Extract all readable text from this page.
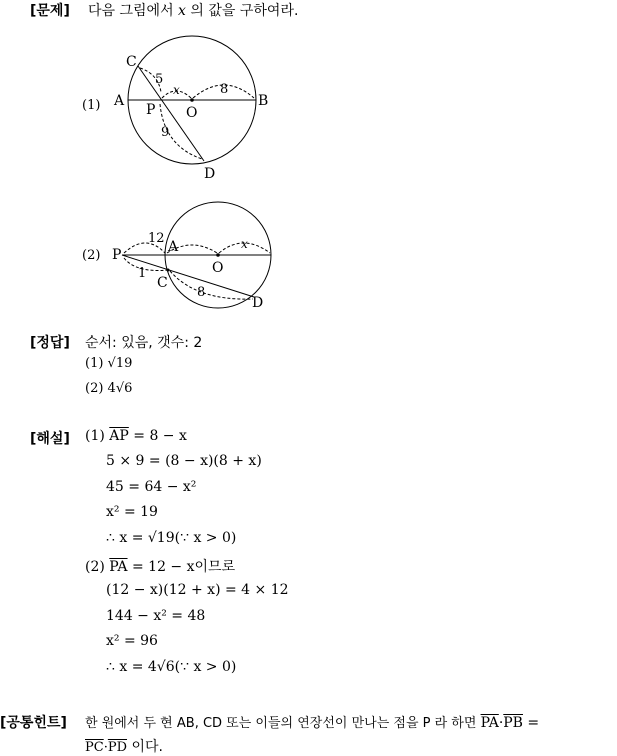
[문제] 다음 그림에서 x 의 값을 구하여라.
(1) A	B
C
D
P O
5
x	8
9
(2) P	A
O
C
D
12	x
1
8
[정답] 순서: 있음, 갯수: 2
(1) √19
(2) 4√6
[해설] (1) $\overline{AP} = 8 - x$
5 × 9 = (8 − x)(8 + x)
45 = 64 − x²
x² = 19
∴ x = √19(∵ x > 0)
(2) $\overline{PA} = 12 - x$이므로
(12 − x)(12 + x) = 4 × 12
144 − x² = 48
x² = 96
∴ x = 4√6(∵ x > 0)
[공통힌트] 한 원에서 두 현 AB, CD 또는 이들의 연장선이 만나는 점을 P 라 하면 $\overline{PA}\cdot\overline{PB}$ =
$\overline{PC}\cdot\overline{PD}$ 이다.
